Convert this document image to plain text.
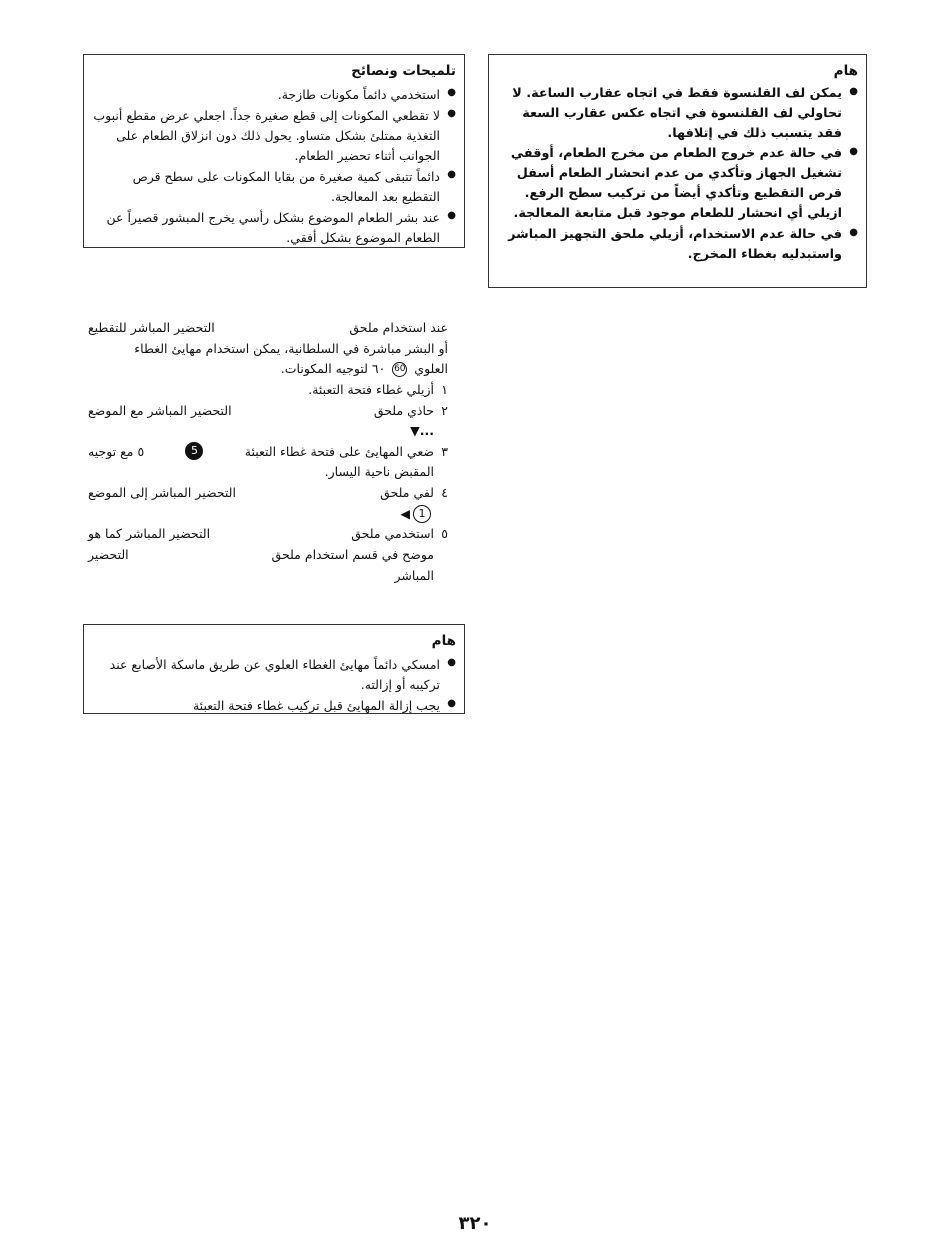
هام
● يمكن لف القلنسوة فقط في اتجاه عقارب الساعة. لا تحاولي لف القلنسوة في اتجاه عكس عقارب السعة فقد يتسبب ذلك في إتلافها.
● في حالة عدم خروج الطعام من مخرج الطعام، أوقفي تشغيل الجهاز وتأكدي من عدم انحشار الطعام أسفل قرص التقطيع وتأكدي أيضاً من تركيب سطح الرفع. ازيلي أي انحشار للطعام موجود قبل متابعة المعالجة.
● في حالة عدم الاستخدام، أزيلي ملحق التجهيز المباشر واستبدليه بغطاء المخرج.
تلميحات ونصائح
● استخدمي دائماً مكونات طازجة.
● لا تقطعي المكونات إلى قطع صغيرة جداً. اجعلي عرض مقطع أنبوب التغذية ممتلئ بشكل متساو. يحول ذلك دون انزلاق الطعام على الجوانب أثناء تحضير الطعام.
● دائماً تتبقى كمية صغيرة من بقايا المكونات على سطح قرص التقطيع بعد المعالجة.
● عند بشر الطعام الموضوع بشكل رأسي يخرج المبشور قصيراً عن الطعام الموضوع بشكل أفقي.
عند استخدام ملحق
التحضير المباشر للتقطيع
أو البشر مباشرة في السلطانية، يمكن استخدام مهايئ الغطاء
العلوي 60 ٦٠ لتوجيه المكونات.
١
أزيلي غطاء فتحة التعبئة.
٢
حاذي ملحق
التحضير المباشر مع الموضع
...▼
٣
ضعي المهايئ على فتحة غطاء التعبئة
5
٥ مع توجيه
المقبض ناحية اليسار.
٤
لفي ملحق
التحضير المباشر إلى الموضع
1◀
٥
استخدمي ملحق
التحضير المباشر كما هو
موضح في قسم استخدام ملحق
التحضير
المباشر
هام
● امسكي دائماً مهايئ الغطاء العلوي عن طريق ماسكة الأصابع عند تركيبه أو إزالته.
● يجب إزالة المهايئ قبل تركيب غطاء فتحة التعبئة
٣٢٠
